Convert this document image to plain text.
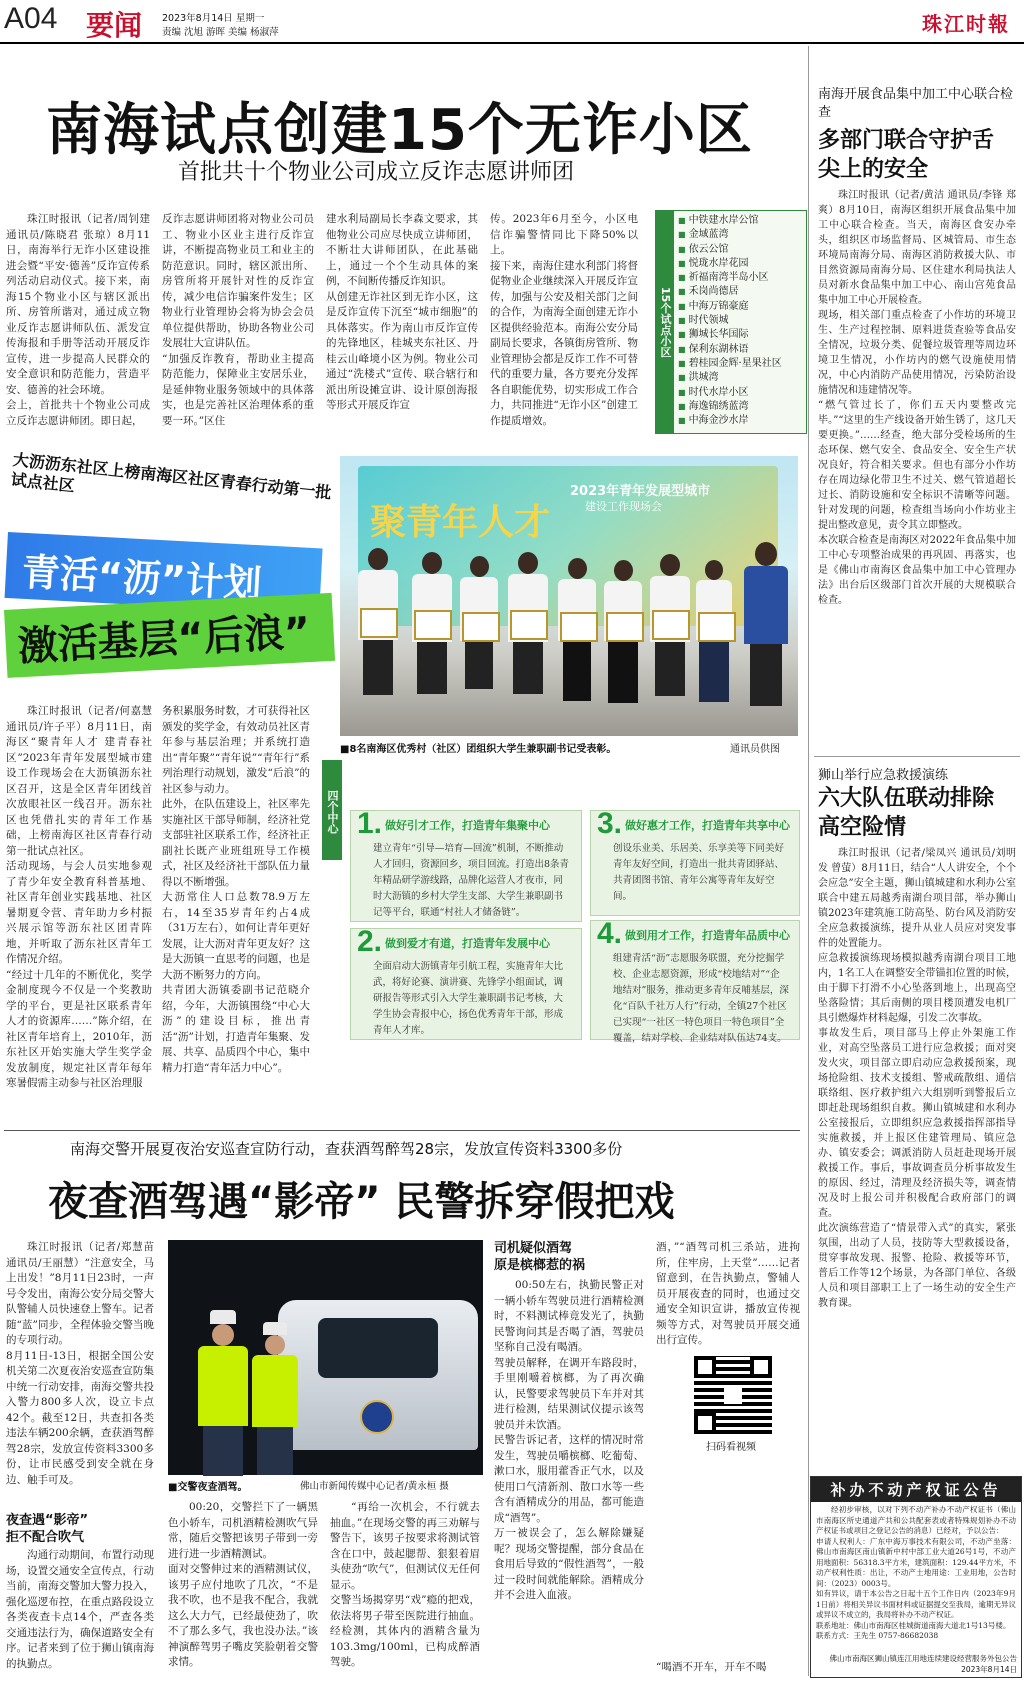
A04 要闻 2023年8月14日 星期一
责编 沈旭 游晖 美编 杨淑萍	珠江时報
南海试点创建15个无诈小区
首批共十个物业公司成立反诈志愿讲师团

珠江时报讯（记者/周钊建 通讯员/陈晓君 张琼）8月11日，南海举行无诈小区建设推进会暨“平安·德善”反诈宣传系列活动启动仪式。接下来，南海15个物业小区与辖区派出所、房管所谐对，通过成立物业反诈志愿讲师队伍、派发宣传海报和手册等活动开展反诈宣传，进一步提高人民群众的安全意识和防范能力，营造平安、德善的社会环境。
会上，首批共十个物业公司成立反诈志愿讲师团。即日起，

反诈志愿讲师团将对物业公司员工、物业小区业主进行反诈宣讲，不断提高物业员工和业主的防范意识。同时，辖区派出所、房管所将开展针对性的反诈宣传，减少电信诈骗案件发生；区物业行业管理协会将为协会会员单位提供帮助，协助各物业公司发展壮大宣讲队伍。
“加强反诈教育，帮助业主提高防范能力，保障业主安居乐业，是延伸物业服务领域中的具体落实，也是完善社区治理体系的重要一环。”区住

建水利局副局长李森文要求，其他物业公司应尽快成立讲师团，不断壮大讲师团队，在此基础上，通过一个个生动具体的案例，不间断传播反诈知识。
从创建无诈社区到无诈小区，这是反诈宣传下沉至“城市细胞”的具体落实。作为南山市反诈宣传的先锋地区，桂城夹东社区、丹桂云山峰境小区为例。物业公司通过“洗楼式”宣传、联合辖行和派出所设摊宣讲、设计原创海报等形式开展反诈宣

传。2023年6月至今，小区电信诈骗警情同比下降50%以上。
接下来，南海住建水利部门将督促物业企业继续深入开展反诈宣传，加强与公安及相关部门之间的合作，为南海全面创建无诈小区提供经验范本。南海公安分局副局长要求，各镇街房管所、物业管理协会都是反诈工作不可替代的重要力量，各方要充分发挥各自职能优势，切实形成工作合力，共同推进“无诈小区”创建工作提质增效。

15个试点小区
■ 中铁建水岸公馆
■ 金域蓝湾
■ 依云公馆
■ 悦珑水岸花园
■ 祈福南湾半岛小区
■ 禾岗尚德居
■ 中海万锦豪庭
■ 时代领城
■ 狮城长华国际
■ 保利东湖林语
■ 碧桂园金辉·星果社区
■ 洪城湾
■ 时代水岸小区
■ 海逸锦绣蓝湾
■ 中海金沙水岸
大沥沥东社区上榜南海区社区青春行动第一批试点社区
青活“沥”计划
激活基层“后浪”
聚青年人才
2023年青年发展型城市
建设工作现场会
■8名南海区优秀村（社区）团组织大学生兼职副书记受表彰。	通讯员供图

珠江时报讯（记者/何嘉慧 通讯员/许子平）8月11日，南海区“聚青年人才 建青春社区”2023年青年发展型城市建设工作现场会在大沥镇沥东社区召开，这是全区青年团线首次放眼社区一线召开。沥东社区也凭借扎实的青年工作基础，上榜南海区社区青春行动第一批试点社区。
活动现场，与会人员实地参观了青少年安全教育科普基地、社区青年创业实践基地、社区暑期夏令营、青年助力乡村振兴展示馆等沥东社区团青阵地，并听取了沥东社区青年工作情况介绍。
“经过十几年的不断优化，奖学金制度现今不仅是一个奖教助学的平台，更是社区联系青年人才的资源库……”陈介绍，在社区青年培育上，2010年，沥东社区开始实施大学生奖学金发放制度，规定社区青年每年寒暑假需主动参与社区治理服

务积累服务时数，才可获得社区颁发的奖学金，有效动员社区青年参与基层治理；并系统打造出“青年聚”“青年说”“青年行”系列治理行动规划，激发“后浪”的社区参与动力。
此外，在队伍建设上，社区率先实施社区干部导师制，经济社党支部驻社区联系工作，经济社正副社长既产业班组班导工作模式，社区及经济社干部队伍力量得以不断增强。
大沥常住人口总数78.9万左右，14至35岁青年约占4成（31万左右），如何让青年更好发展，让大沥对青年更友好？这是大沥镇一直思考的问题，也是大沥不断努力的方向。
共青团大沥镇委副书记范晓介绍，今年，大沥镇围绕“中心大沥”的建设目标，推出青活“沥”计划，打造青年集聚、发展、共享、品质四个中心，集中精力打造“青年活力中心”。

四个中心 1. 做好引才工作，打造青年集聚中心
建立青年“引导—培育—回流”机制，不断推动人才回归，资源回乡，项目回流。打造出8条青年精品研学游线路，品牌化运营人才夜市，同时大沥镇的乡村大学生支部、大学生兼职副书记等平台，联通“村社人才储备链”。
2. 做到爱才有道，打造青年发展中心
全面启动大沥镇青年引航工程，实施青年大比武，将好论赛、演讲赛、先锋学小组面试，调研报告等形式引入大学生兼职副书记考核，大学生协会青报中心，扬色优秀青年干部，形成青年人才库。
3. 做好惠才工作，打造青年共享中心
创设乐业美、乐居美、乐享美等下同美好青年友好空间，打造出一批共青团驿站、共青团图书馆、青年公寓等青年友好空间。
4. 做到用才工作，打造青年品质中心
组建青活“沥”志愿服务联盟，充分挖掘学校、企业志愿资源，形成“校地结对”“企地结对”服务，推动更多青年反哺基层，深化“百队千社万人行”行动，全镇27个社区已实现“一社区一特色项目一特色项目”全覆盖，结对学校、企业结对队伍达74支。
南海交警开展夏夜治安巡查宣防行动，查获酒驾醉驾28宗，发放宣传资料3300多份
夜查酒驾遇“影帝” 民警拆穿假把戏

珠江时报讯（记者/郑慧苗 通讯员/王丽慧）“注意安全，马上出发！”8月11日23时，一声号令发出，南海公安分局交警大队警辅人员快速登上警车。记者随“蓝”同步，全程体验交警当晚的专项行动。
8月11日-13日，根据全国公安机关第二次夏夜治安巡查宣防集中统一行动安排，南海交警共投入警力800多人次，设立卡点42个。截至12日，共查扣各类违法车辆200余辆，查获酒驾醉驾28宗，发放宣传资料3300多份，让市民感受到安全就在身边、触手可及。

夜查遇“影帝”
拒不配合吹气

沟通行动期间，布置行动现场，设置交通安全宣传点，行动当前，南海交警加大警力投入，强化巡逻布控，在重点路段设立各类夜查卡点14个，严查各类交通违法行为，确保道路安全有序。记者来到了位于狮山镇南海的执勤点。

■交警夜查酒驾。	佛山市新闻传媒中心记者/黄永桓 摄

00:20，交警拦下了一辆黑色小轿车，司机酒精检测吹气异常，随后交警把该男子带到一旁进行进一步酒精测试。
面对交警伸过来的酒精测试仪，该男子应付地吹了几次，“不是我不吹，也不是我不配合，我就这么大力气，已经最使劲了，吹不了那么多气，我也没办法。”该神演醉驾男子嘴皮笑脸朝着交警求情。

“再给一次机会，不行就去抽血。”在现场交警的再三劝解与警告下，该男子按要求将测试管含在口中，鼓起腮帮、狠狠着眉头使劲“吹气”，但测试仪无任何显示。
交警当场揭穿男“戏”瘾的把戏，依法将男子带至医院进行抽血。经检测，其体内的酒精含量为103.3mg/100ml，已构成醉酒驾驶。

司机疑似酒驾
原是槟榔惹的祸

00:50左右，执勤民警正对一辆小轿车驾驶员进行酒精检测时，不料测试棒竟发光了，执勤民警询问其是否喝了酒，驾驶员坚称自己没有喝酒。
驾驶员解释，在调开车路段时，手里刚嚼着槟榔，为了再次确认，民警要求驾驶员下车并对其进行检测，结果测试仪提示该驾驶员并未饮酒。
民警告诉记者，这样的情况时常发生，驾驶员嚼槟榔、吃葡萄、漱口水，服用藿香正气水，以及使用口气清新剂、散口水等一些含有酒精成分的用品，都可能造成“酒驾”。
万一被误会了，怎么解除嫌疑呢？现场交警提醒，部分食品在食用后导致的“假性酒驾”，一般过一段时间就能解除。酒精成分并不会进入血液。

酒，”“酒驾司机三杀站，进拘所，住牢房，上天堂”……记者留意到，在告执勤点，警辅人员开展夜查的同时，也通过交通安全知识宣讲，播放宣传视频等方式，对驾驶员开展交通出行宣传。

扫码看视频

“喝酒不开车，开车不喝

南海开展食品集中加工中心联合检查
多部门联合守护舌尖上的安全

珠江时报讯（记者/黄洁 通讯员/李锋 郑爽）8月10日，南海区组织开展食品集中加工中心联合检查。当天，南海区食安办牵头，组织区市场监督局、区城管局、市生态环境局南海分局、南海区消防救援大队、市目然资源局南海分局、区住建水利局执法人员对新水食品集中加工中心、南山宫苑食品集中加工中心开展检查。
现场，相关部门重点检查了小作坊的环境卫生、生产过程控制、原料进货查验等食品安全情况，垃圾分类、促餐垃圾管理等周边环境卫生情况，小作坊内的燃气设施使用情况，中心内消防产品使用情况，污染防治设施情况和违建情况等。
“燃气管过长了，你们五天内要整改完毕。”“这里的生产线设备开始生锈了，这几天要更换。”……经查，绝大部分受检场所的生态环保、燃气安全、食品安全、安全生产状况良好，符合相关要求。但也有部分小作坊存在周边绿化带卫生不过关、燃气管道超长过长、消防设施和安全标识不清晰等问题。针对发现的问题，检查组当场向小作坊业主提出整改意见，责令其立即整改。
本次联合检查是南海区对2022年食品集中加工中心专项整治成果的再巩固、再落实，也是《佛山市南海区食品集中加工中心管理办法》出台后区级部门首次开展的大规模联合检查。

狮山举行应急救援演练
六大队伍联动排除高空险情

珠江时报讯（记者/梁凤兴 通讯员/刘明发 曾萤）8月11日，结合“人人讲安全，个个会应急”安全主题，狮山镇城建和水利办公室联合中建五局越秀南湖台项目部，举办狮山镇2023年建筑施工防高坠、防台风及消防安全应急救援演练，提升从业人员应对突发事件的处置能力。
应急救援演练现场模拟越秀南湖台项目工地内，1名工人在调整安全带锚扣位置的时候，由于脚下打滑不小心坠落到地上，出现高空坠落险情；其后南侧的项目楼顶遭发电机厂具引燃爆炸材料起爆，引发二次事故。
事故发生后，项目部马上停止外架施工作业，对高空坠落员工进行应急救援；面对突发火灾，项目部立即启动应急救援预案，现场抢险组、技术支援组、警戒疏散组、通信联络组、医疗救护组六大组别听到警报后立即赶赴现场组织自救。狮山镇城建和水利办公室接报后，立即组织应急救援指挥部指导实施救援，并上报区住建管理局、镇应急办、镇安委会；调派消防人员赶赴现场开展救援工作。事后，事故调查员分析事故发生的原因、经过，清理及经济损失等，调查情况及时上报公司并积极配合政府部门的调查。
此次演练营造了“情景带入式”的真实，紧张氛围，出动了人员，技防等大型救援设备，贯穿事故发现、报警、抢险、救援等环节，普后工作等12个场景，为各部门单位、各级人员和项目部职工上了一场生动的安全生产教育课。

补办不动产权证公告

经初步审核，以对下列不动产补办不动产权证书（佛山市南海区所史通道产共和公共配套表或者特殊规划补办不动产权证书或项目之登记公告的消息）已经对，予以公告：
申请人权利人：广东中海万事技术有限公司，不动产坐落：佛山市南海区南山镇新中村中部工业大道26号1号，不动产用地面积：56318.3平方米，建筑面积：129.44平方米，不动产权利性质：出让，不动产土地用途：工业用地，公告时间：（2023）0003号。
如有异议，请于本公告之日起十五个工作日内（2023年9月1日前）将相关异议书面材料或证据提交至我局，逾期无异议或异议不成立的，我局将补办不动产权证。
联系地址：佛山市南海区桂城街道南海大道北1号13号楼。
联系方式：王先生 0757-86682038

佛山市南海区狮山镇连江用地连续建设经营服务外包公告
2023年8月14日
